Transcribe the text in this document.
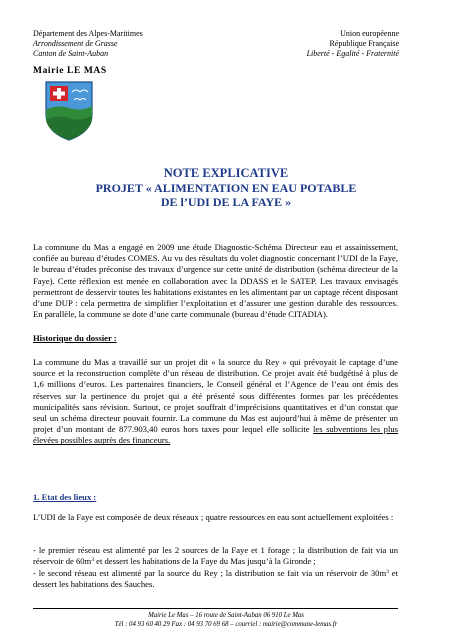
Département des Alpes-Maritimes
Arrondissement de Grasse
Canton de Saint-Auban
Union européenne
République Française
Liberté - Egalité - Fraternité
Mairie LE MAS
NOTE EXPLICATIVE
PROJET « ALIMENTATION EN EAU POTABLE
DE l’UDI DE LA FAYE »
La commune du Mas a engagé en 2009 une étude Diagnostic-Schéma Directeur eau et assainissement, confiée au bureau d’études COMES. Au vu des résultats du volet diagnostic concernant l’UDI de la Faye, le bureau d’études préconise des travaux d’urgence sur cette unité de distribution (schéma directeur de la Faye). Cette réflexion est menée en collaboration avec la DDASS et le SATEP. Les travaux envisagés permettront de desservir toutes les habitations existantes en les alimentant par un captage récent disposant d’une DUP : cela permettra de simplifier l’exploitation et d’assurer une gestion durable des ressources. En parallèle, la commune se dote d’une carte communale (bureau d’étude CITADIA).
Historique du dossier :
La commune du Mas a travaillé sur un projet dit « la source du Rey » qui prévoyait le captage d’une source et la reconstruction complète d’un réseau de distribution. Ce projet avait été budgétisé à plus de 1,6 millions d’euros. Les partenaires financiers, le Conseil général et l’Agence de l’eau ont émis des réserves sur la pertinence du projet qui a été présenté sous différentes formes par les précédentes municipalités sans révision. Surtout, ce projet souffrait d’imprécisions quantitatives et d’un constat que seul un schéma directeur pouvait fournir. La commune du Mas est aujourd’hui à même de présenter un projet d’un montant de 877.903,40 euros hors taxes pour lequel elle sollicite les subventions les plus élevées possibles auprès des financeurs.
1. Etat des lieux :
L’UDI de la Faye est composée de deux réseaux ; quatre ressources en eau sont actuellement exploitées :
- le premier réseau est alimenté par les 2 sources de la Faye et 1 forage ; la distribution de fait via un réservoir de $60m^3$ et dessert les habitations de la Faye du Mas jusqu’à la Gironde ;
- le second réseau est alimenté par la source du Rey ; la distribution se fait via un réservoir de $30m^3$ et dessert les habitations des Sauches.
Mairie Le Mas – 16 route de Saint-Auban 06 910 Le Mas
Tél : 04 93 60 40 29 Fax : 04 93 70 69 68 – courriel : mairie@commune-lemas.fr
